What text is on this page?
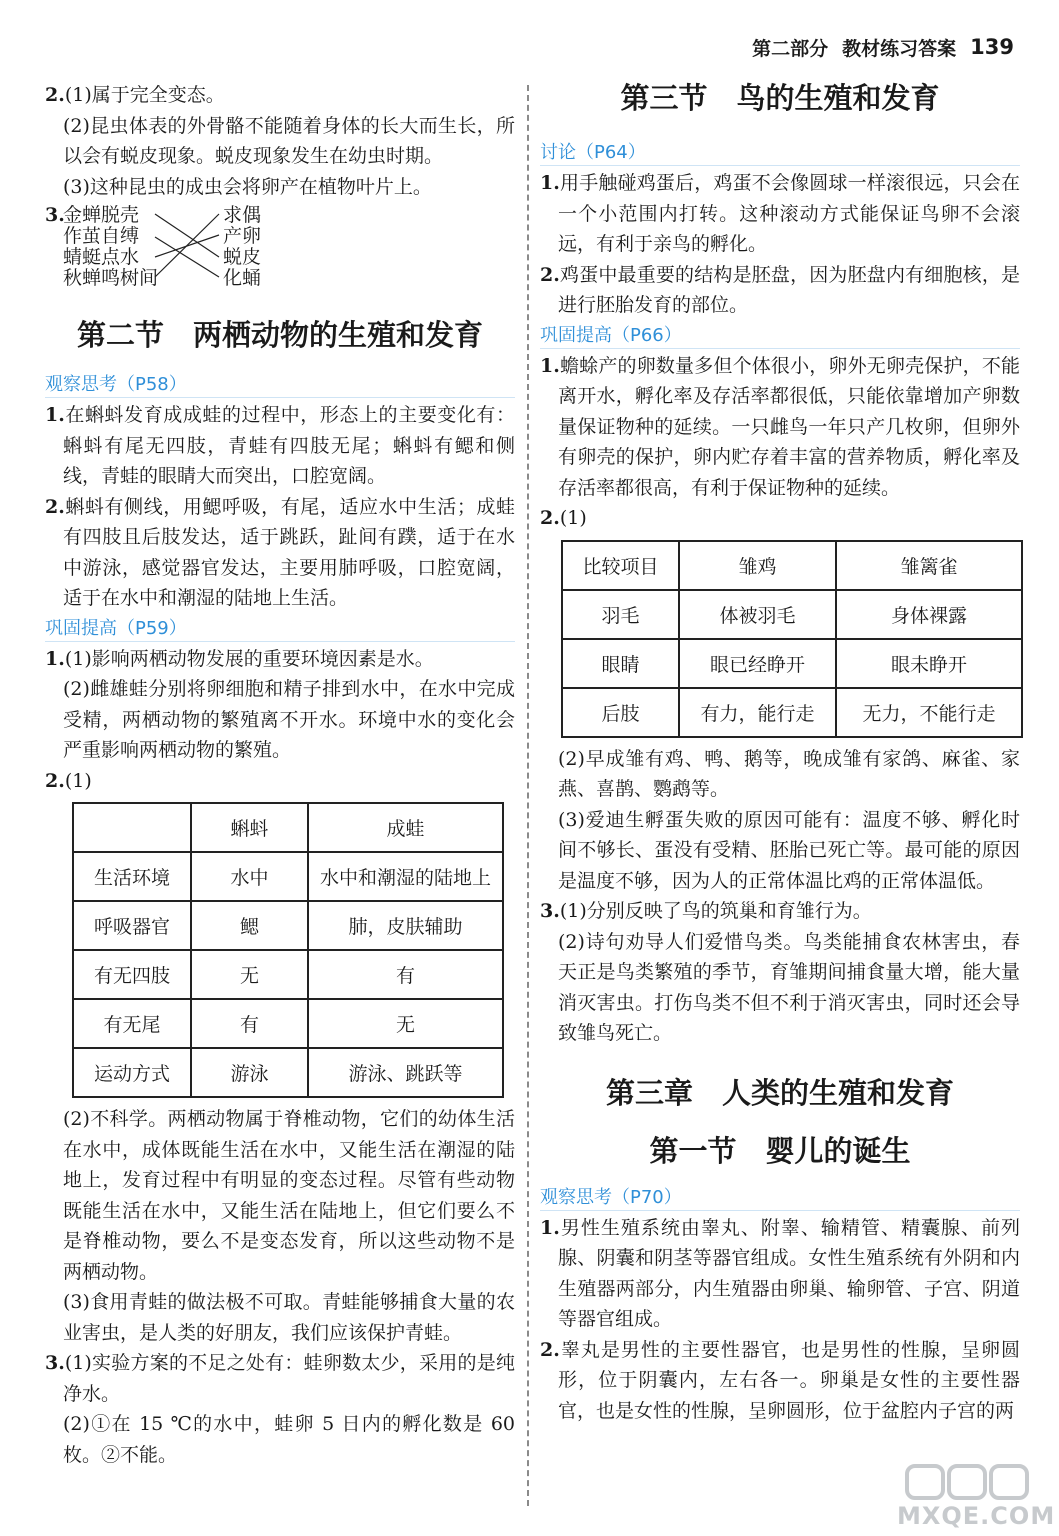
第二部分 教材练习答案 139

2.(1)属于完全变态。

(2)昆虫体表的外骨骼不能随着身体的长大而生长，所以会有蜕皮现象。蜕皮现象发生在幼虫时期。

(3)这种昆虫的成虫会将卵产在植物叶片上。

3.
金蝉脱壳
作茧自缚
蜻蜓点水
秋蝉鸣树间
求偶
产卵
蜕皮
化蛹
第二节　两栖动物的生殖和发育

观察思考（P58）

1.在蝌蚪发育成成蛙的过程中，形态上的主要变化有：蝌蚪有尾无四肢，青蛙有四肢无尾；蝌蚪有鳃和侧线，青蛙的眼睛大而突出，口腔宽阔。

2.蝌蚪有侧线，用鳃呼吸，有尾，适应水中生活；成蛙有四肢且后肢发达，适于跳跃，趾间有蹼，适于在水中游泳，感觉器官发达，主要用肺呼吸，口腔宽阔，适于在水中和潮湿的陆地上生活。

巩固提高（P59）

1.(1)影响两栖动物发展的重要环境因素是水。

(2)雌雄蛙分别将卵细胞和精子排到水中，在水中完成受精，两栖动物的繁殖离不开水。环境中水的变化会严重影响两栖动物的繁殖。

2.(1)

	蝌蚪	成蛙
生活环境	水中	水中和潮湿的陆地上
呼吸器官	鳃	肺，皮肤辅助
有无四肢	无	有
有无尾	有	无
运动方式	游泳	游泳、跳跃等

(2)不科学。两栖动物属于脊椎动物，它们的幼体生活在水中，成体既能生活在水中，又能生活在潮湿的陆地上，发育过程中有明显的变态过程。尽管有些动物既能生活在水中，又能生活在陆地上，但它们要么不是脊椎动物，要么不是变态发育，所以这些动物不是两栖动物。

(3)食用青蛙的做法极不可取。青蛙能够捕食大量的农业害虫，是人类的好朋友，我们应该保护青蛙。

3.(1)实验方案的不足之处有：蛙卵数太少，采用的是纯净水。

(2)①在 15 ℃的水中，蛙卵 5 日内的孵化数是 60 枚。②不能。

第三节　鸟的生殖和发育

讨论（P64）

1.用手触碰鸡蛋后，鸡蛋不会像圆球一样滚很远，只会在一个小范围内打转。这种滚动方式能保证鸟卵不会滚远，有利于亲鸟的孵化。

2.鸡蛋中最重要的结构是胚盘，因为胚盘内有细胞核，是进行胚胎发育的部位。

巩固提高（P66）

1.蟾蜍产的卵数量多但个体很小，卵外无卵壳保护，不能离开水，孵化率及存活率都很低，只能依靠增加产卵数量保证物种的延续。一只雌鸟一年只产几枚卵，但卵外有卵壳的保护，卵内贮存着丰富的营养物质，孵化率及存活率都很高，有利于保证物种的延续。

2.(1)

比较项目	雏鸡	雏篱雀
羽毛	体被羽毛	身体裸露
眼睛	眼已经睁开	眼未睁开
后肢	有力，能行走	无力，不能行走

(2)早成雏有鸡、鸭、鹅等，晚成雏有家鸽、麻雀、家燕、喜鹊、鹦鹉等。

(3)爱迪生孵蛋失败的原因可能有：温度不够、孵化时间不够长、蛋没有受精、胚胎已死亡等。最可能的原因是温度不够，因为人的正常体温比鸡的正常体温低。

3.(1)分别反映了鸟的筑巢和育雏行为。

(2)诗句劝导人们爱惜鸟类。鸟类能捕食农林害虫，春天正是鸟类繁殖的季节，育雏期间捕食量大增，能大量消灭害虫。打伤鸟类不但不利于消灭害虫，同时还会导致雏鸟死亡。

第三章　人类的生殖和发育
第一节　婴儿的诞生

观察思考（P70）

1.男性生殖系统由睾丸、附睾、输精管、精囊腺、前列腺、阴囊和阴茎等器官组成。女性生殖系统有外阴和内生殖器两部分，内生殖器由卵巢、输卵管、子宫、阴道等器官组成。

2.睾丸是男性的主要性器官，也是男性的性腺，呈卵圆形，位于阴囊内，左右各一。卵巢是女性的主要性器官，也是女性的性腺，呈卵圆形，位于盆腔内子宫的两

MXQE.COM
